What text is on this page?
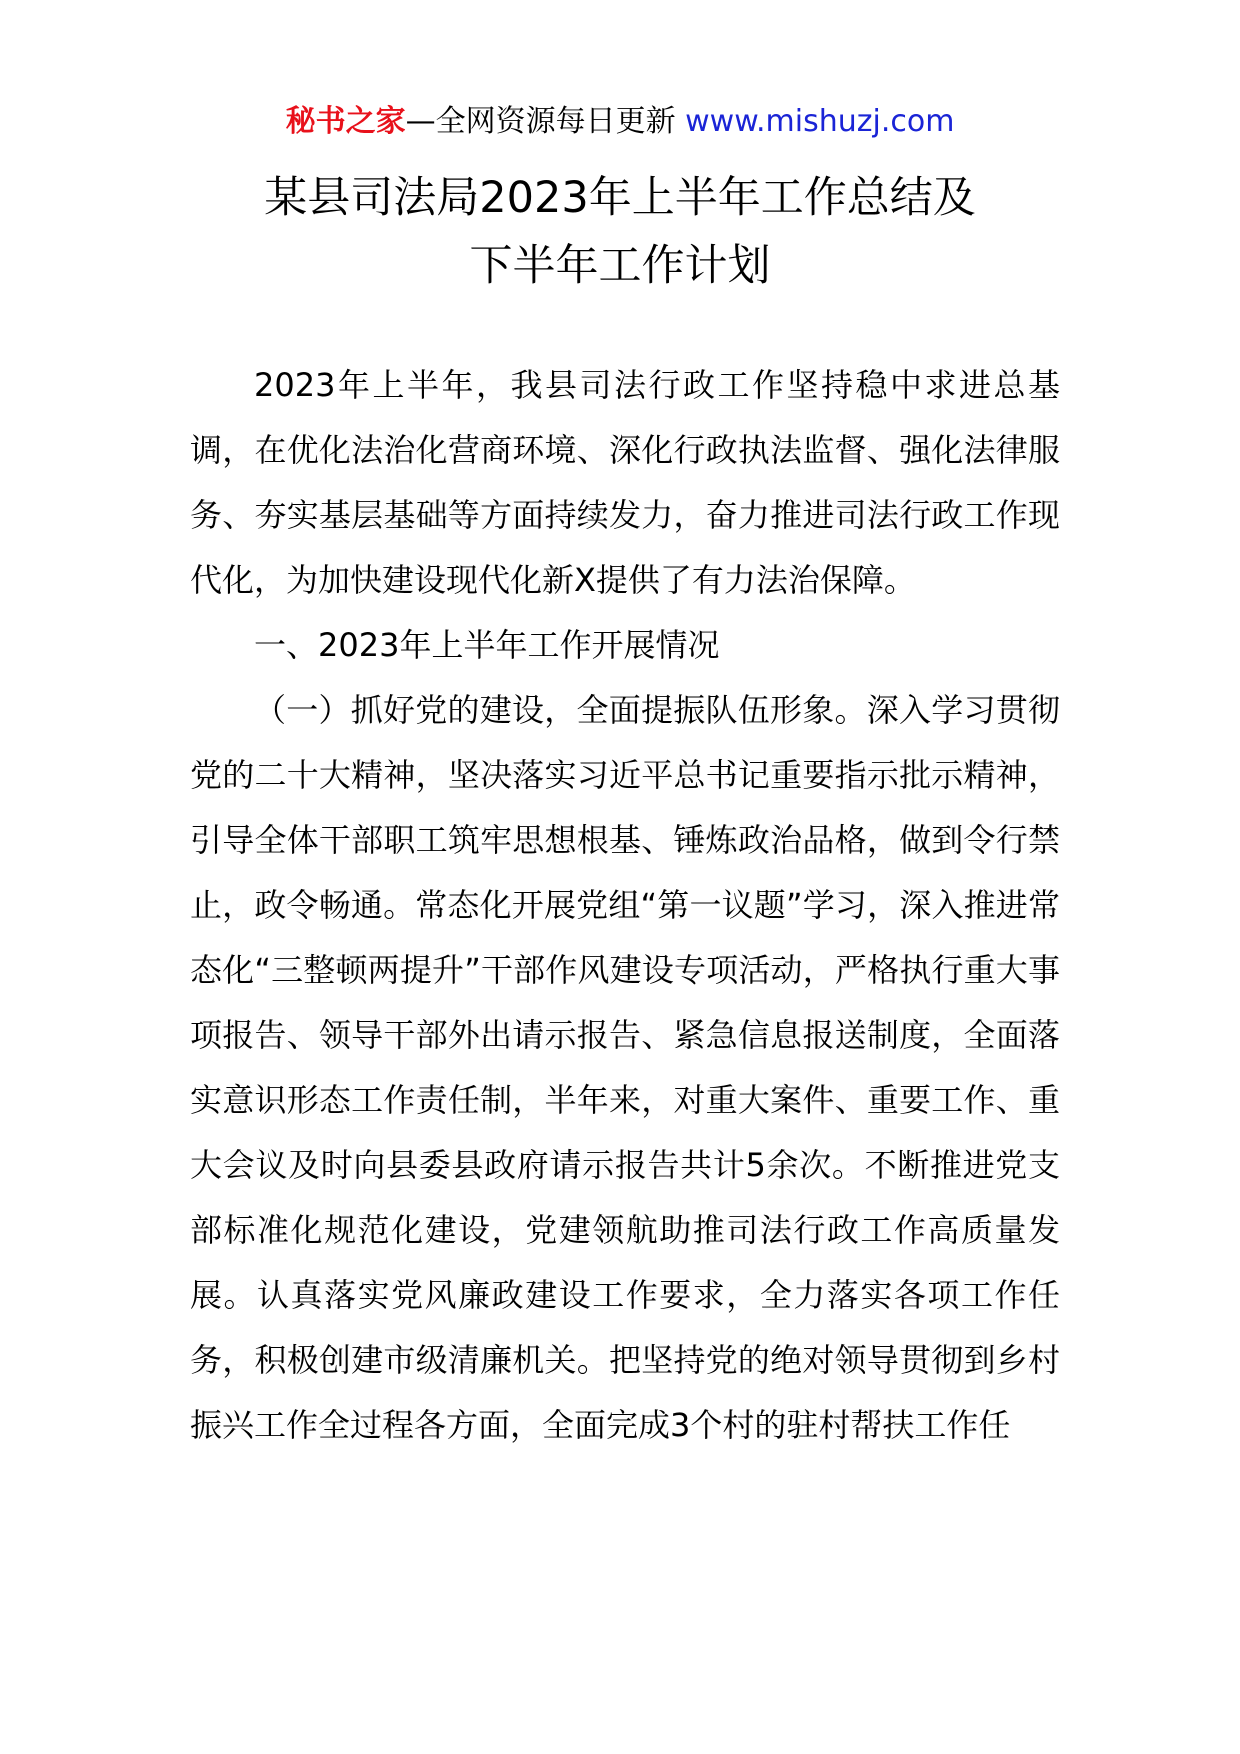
秘书之家—全网资源每日更新 www.mishuzj.com
某县司法局2023年上半年工作总结及
下半年工作计划

2023年上半年，我县司法行政工作坚持稳中求进总基调，在优化法治化营商环境、深化行政执法监督、强化法律服务、夯实基层基础等方面持续发力，奋力推进司法行政工作现代化，为加快建设现代化新X提供了有力法治保障。

一、2023年上半年工作开展情况

（一）抓好党的建设，全面提振队伍形象。深入学习贯彻党的二十大精神，坚决落实习近平总书记重要指示批示精神，引导全体干部职工筑牢思想根基、锤炼政治品格，做到令行禁止，政令畅通。常态化开展党组“第一议题”学习，深入推进常态化“三整顿两提升”干部作风建设专项活动，严格执行重大事项报告、领导干部外出请示报告、紧急信息报送制度，全面落实意识形态工作责任制，半年来，对重大案件、重要工作、重大会议及时向县委县政府请示报告共计5余次。不断推进党支部标准化规范化建设，党建领航助推司法行政工作高质量发展。认真落实党风廉政建设工作要求，全力落实各项工作任务，积极创建市级清廉机关。把坚持党的绝对领导贯彻到乡村振兴工作全过程各方面，全面完成3个村的驻村帮扶工作任
